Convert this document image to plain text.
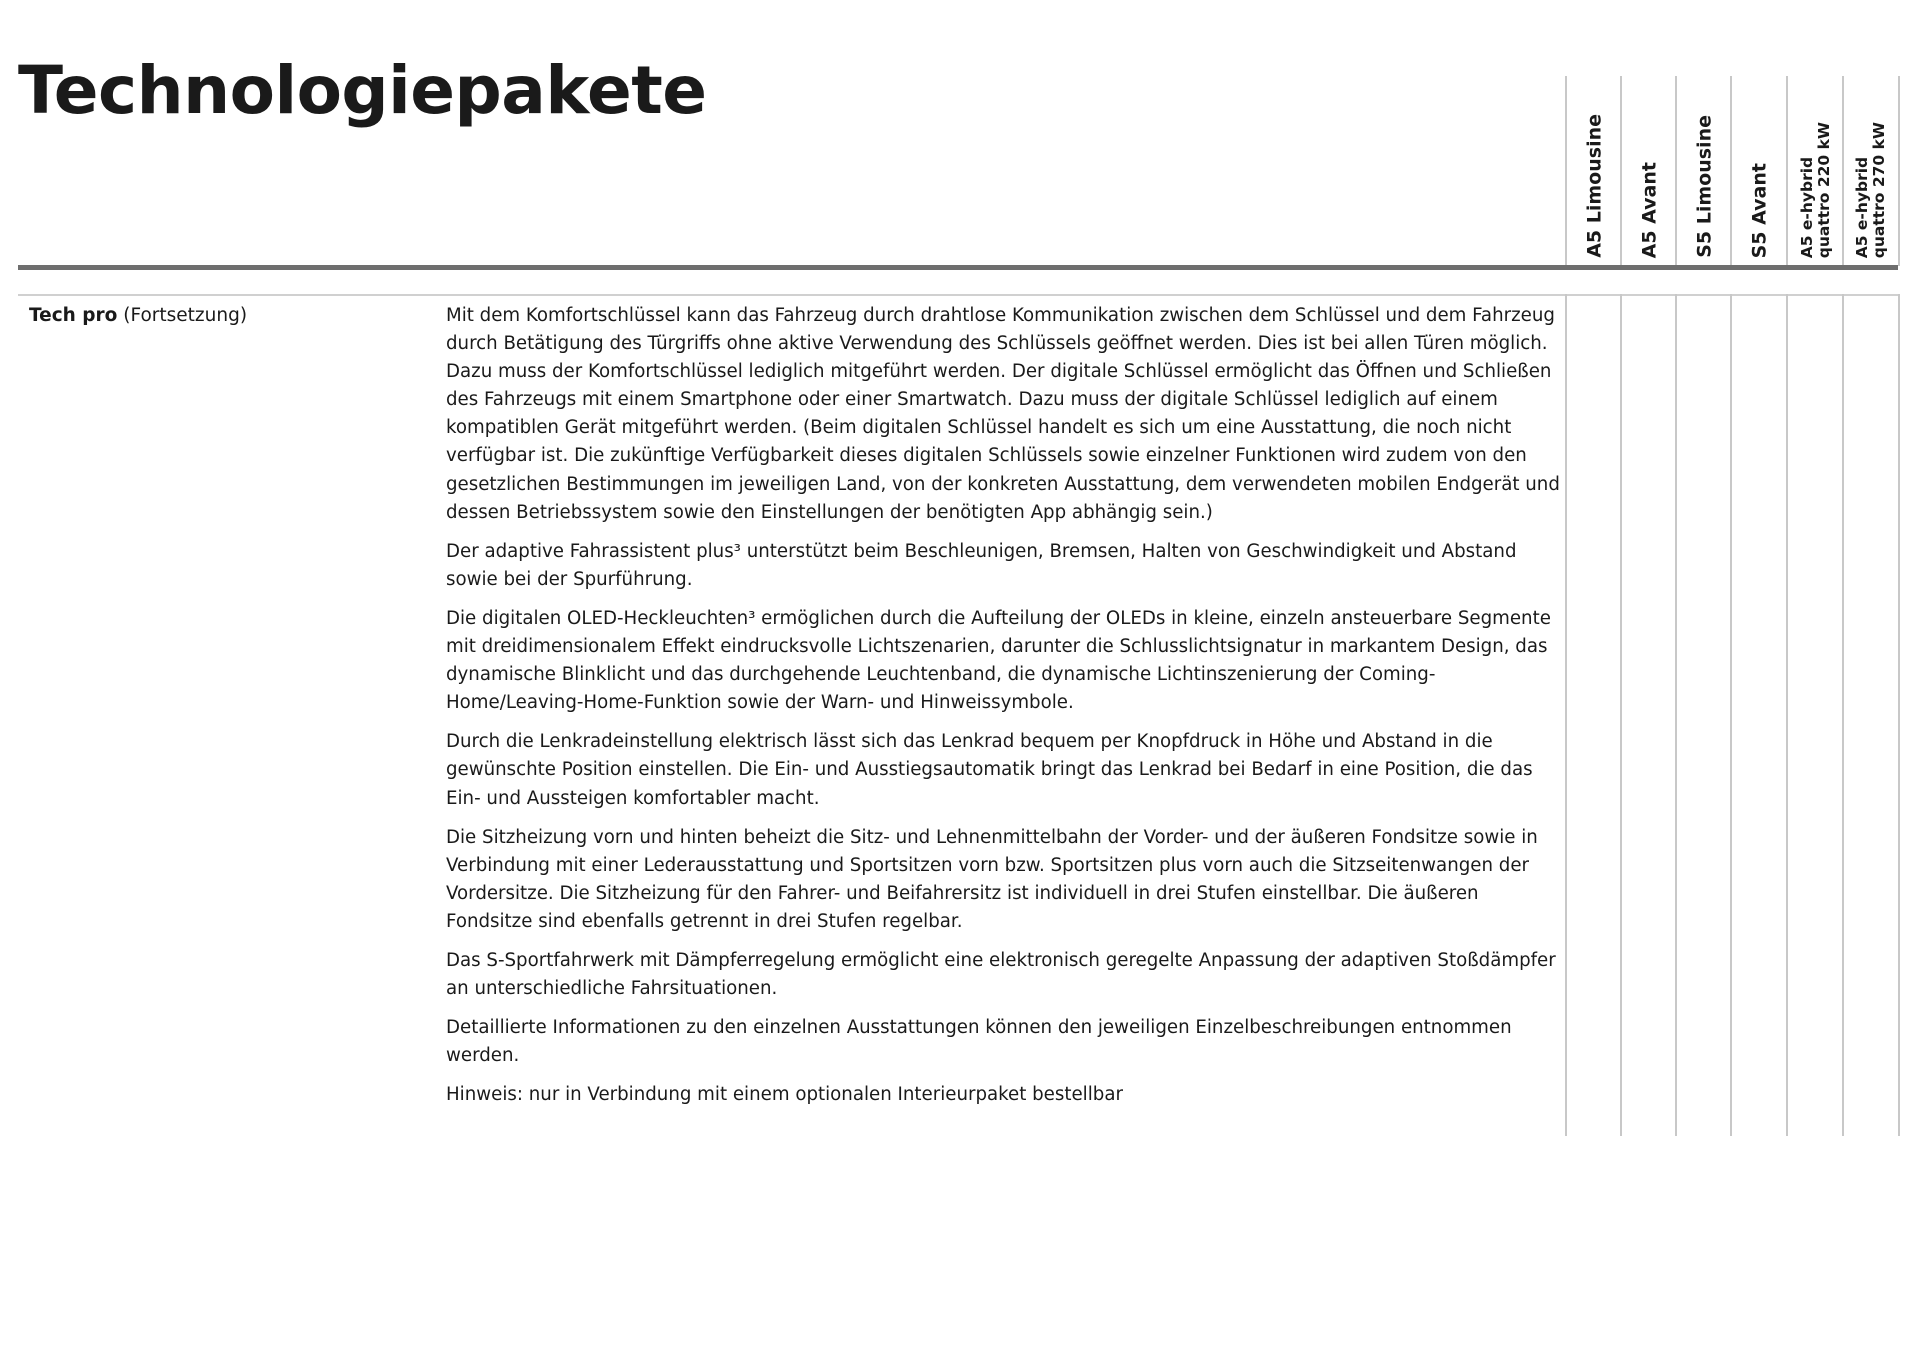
Technologiepakete
A5 Limousine A5 Avant S5 Limousine S5 Avant A5 e-hybrid
quattro 220 kW
A5 e-hybrid
quattro 270 kW
Tech pro (Fortsetzung)	Mit dem Komfortschlüssel kann das Fahrzeug durch drahtlose Kommunikation zwischen dem Schlüssel und dem Fahrzeug durch Betätigung des Türgriffs ohne aktive Verwendung des Schlüssels geöffnet werden. Dies ist bei allen Türen möglich. Dazu muss der Komfortschlüssel lediglich mitgeführt werden. Der digitale Schlüssel ermöglicht das Öffnen und Schließen des Fahrzeugs mit einem Smartphone oder einer Smartwatch. Dazu muss der digitale Schlüssel lediglich auf einem kompatiblen Gerät mitgeführt werden. (Beim digitalen Schlüssel handelt es sich um eine Ausstattung, die noch nicht verfügbar ist. Die zukünftige Verfügbarkeit dieses digitalen Schlüssels sowie einzelner Funktionen wird zudem von den gesetzlichen Bestimmungen im jeweiligen Land, von der konkreten Ausstattung, dem verwendeten mobilen Endgerät und dessen Betriebssystem sowie den Einstellungen der benötigten App abhängig sein.)

Der adaptive Fahrassistent plus³ unterstützt beim Beschleunigen, Bremsen, Halten von Geschwindigkeit und Abstand sowie bei der Spurführung.

Die digitalen OLED-Heckleuchten³ ermöglichen durch die Aufteilung der OLEDs in kleine, einzeln ansteuerbare Segmente mit dreidimensionalem Effekt eindrucksvolle Lichtszenarien, darunter die Schlusslichtsignatur in markantem Design, das dynamische Blinklicht und das durchgehende Leuchtenband, die dynamische Lichtinszenierung der Coming-Home/Leaving-Home-Funktion sowie der Warn- und Hinweissymbole.

Durch die Lenkradeinstellung elektrisch lässt sich das Lenkrad bequem per Knopfdruck in Höhe und Abstand in die gewünschte Position einstellen. Die Ein- und Ausstiegsautomatik bringt das Lenkrad bei Bedarf in eine Position, die das Ein- und Aussteigen komfortabler macht.

Die Sitzheizung vorn und hinten beheizt die Sitz- und Lehnenmittelbahn der Vorder- und der äußeren Fondsitze sowie in Verbindung mit einer Lederausstattung und Sportsitzen vorn bzw. Sportsitzen plus vorn auch die Sitzseitenwangen der Vordersitze. Die Sitzheizung für den Fahrer- und Beifahrersitz ist individuell in drei Stufen einstellbar. Die äußeren Fondsitze sind ebenfalls getrennt in drei Stufen regelbar.

Das S-Sportfahrwerk mit Dämpferregelung ermöglicht eine elektronisch geregelte Anpassung der adaptiven Stoßdämpfer an unterschiedliche Fahrsituationen.

Detaillierte Informationen zu den einzelnen Ausstattungen können den jeweiligen Einzelbeschreibungen entnommen werden.

Hinweis: nur in Verbindung mit einem optionalen Interieurpaket bestellbar
